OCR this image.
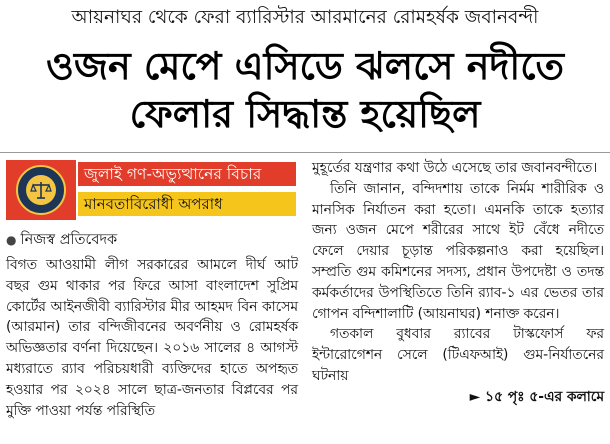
আয়নাঘর থেকে ফেরা ব্যারিস্টার আরমানের রোমহর্ষক জবানবন্দী
ওজন মেপে এসিডে ঝলসে নদীতে
ফেলার সিদ্ধান্ত হয়েছিল
জুলাই গণ-অভ্যুত্থানের বিচার
মানবতাবিরোধী অপরাধ
● নিজস্ব প্রতিবেদক

বিগত আওয়ামী লীগ সরকারের আমলে দীর্ঘ আট বছর গুম থাকার পর ফিরে আসা বাংলাদেশ সুপ্রিম কোর্টের আইনজীবী ব্যারিস্টার মীর আহমদ বিন কাসেম (আরমান) তার বন্দিজীবনের অবর্ণনীয় ও রোমহর্ষক অভিজ্ঞতার বর্ণনা দিয়েছেন। ২০১৬ সালের ৪ আগস্ট মধ্যরাতে র‍্যাব পরিচয়ধারী ব্যক্তিদের হাতে অপহৃত হওয়ার পর ২০২৪ সালে ছাত্র-জনতার বিপ্লবের পর মুক্তি পাওয়া পর্যন্ত পরিস্থিতি

মুহূর্তের যন্ত্রণার কথা উঠে এসেছে তার জবানবন্দীতে।

তিনি জানান, বন্দিদশায় তাকে নির্মম শারীরিক ও মানসিক নির্যাতন করা হতো। এমনকি তাকে হত্যার জন্য ওজন মেপে শরীরের সাথে ইট বেঁধে নদীতে ফেলে দেয়ার চূড়ান্ত পরিকল্পনাও করা হয়েছিল। সম্প্রতি গুম কমিশনের সদস্য, প্রধান উপদেষ্টা ও তদন্ত কর্মকর্তাদের উপস্থিতিতে তিনি র‍্যাব-১ এর ভেতর তার গোপন বন্দিশালাটি (আয়নাঘর) শনাক্ত করেন।

গতকাল বুধবার র‍্যাবের টাস্কফোর্স ফর ইন্টারোগেশন সেলে (টিএফআই) গুম-নির্যাতনের ঘটনায়

► ১৫ পৃঃ ৫-এর কলামে
